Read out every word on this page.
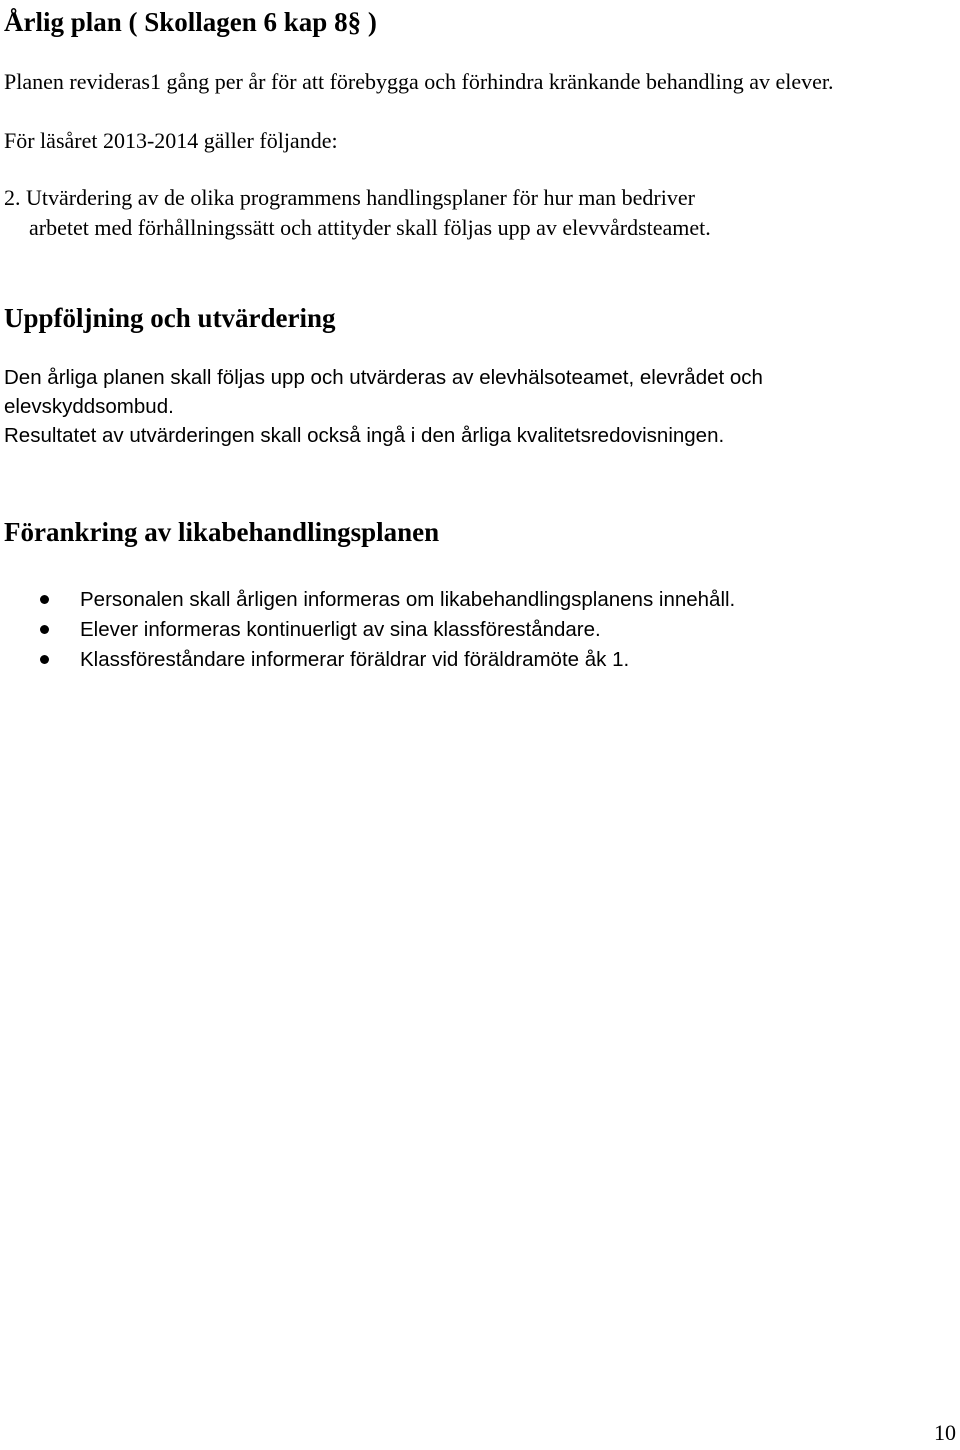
Årlig plan ( Skollagen 6 kap 8§ )

Planen revideras1 gång per år för att förebygga och förhindra kränkande behandling av elever.

För läsåret 2013-2014 gäller följande:

2. Utvärdering av de olika programmens handlingsplaner för hur man bedriver

arbetet med förhållningssätt och attityder skall följas upp av elevvårdsteamet.

Uppföljning och utvärdering

Den årliga planen skall följas upp och utvärderas av elevhälsoteamet, elevrådet och

elevskyddsombud.

Resultatet av utvärderingen skall också ingå i den årliga kvalitetsredovisningen.

Förankring av likabehandlingsplanen
Personalen skall årligen informeras om likabehandlingsplanens innehåll.
Elever informeras kontinuerligt av sina klassföreståndare.
Klassföreståndare informerar föräldrar vid föräldramöte åk 1.
10
